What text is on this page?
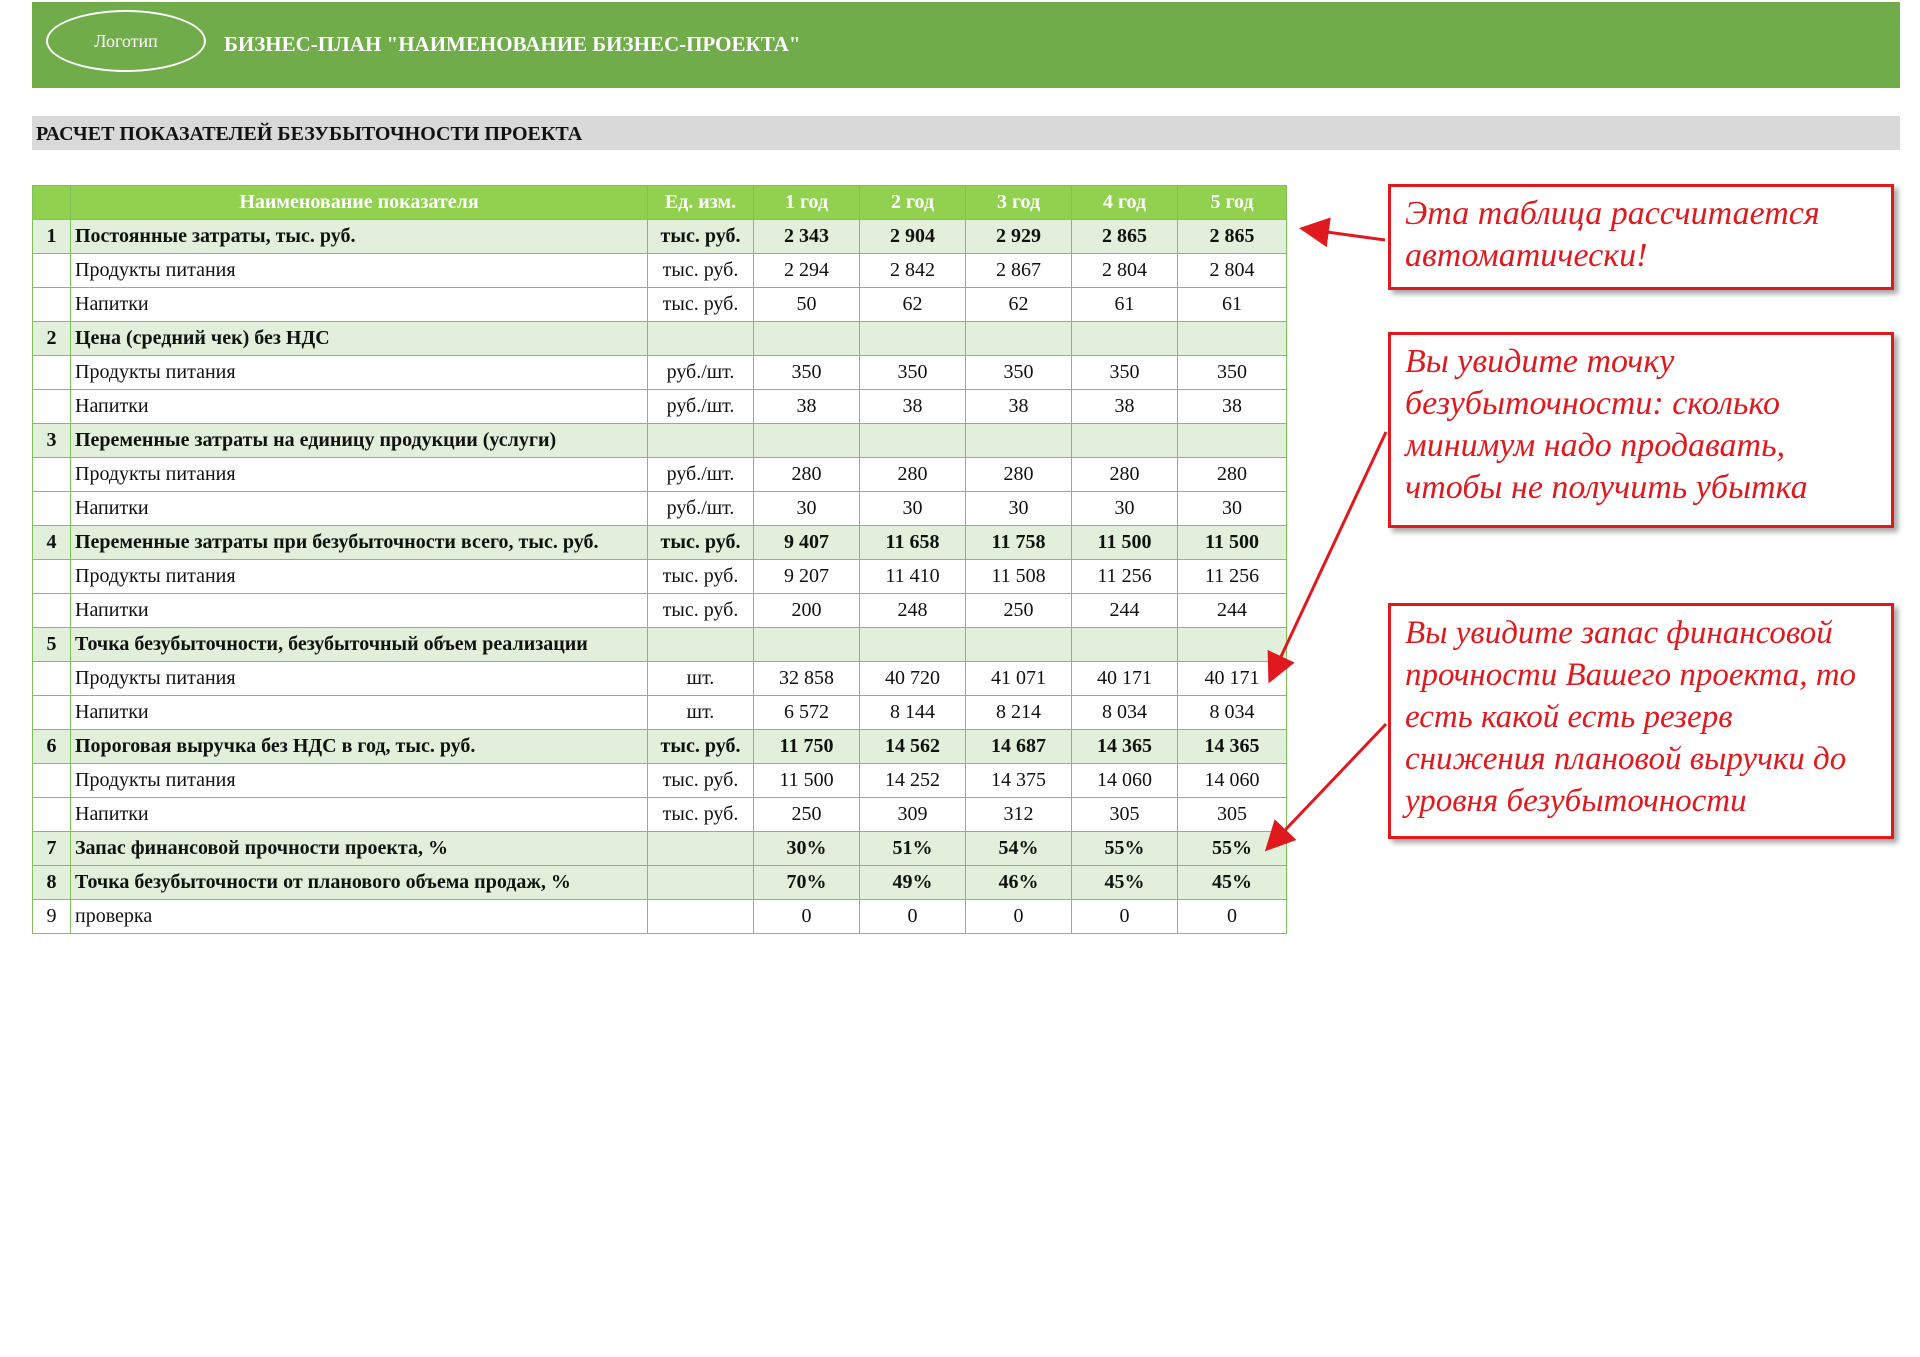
Логотип	БИЗНЕС-ПЛАН "НАИМЕНОВАНИЕ БИЗНЕС-ПРОЕКТА"
РАСЧЕТ ПОКАЗАТЕЛЕЙ БЕЗУБЫТОЧНОСТИ ПРОЕКТА
	Наименование показателя	Ед. изм.	1 год	2 год	3 год	4 год	5 год
1	Постоянные затраты, тыс. руб.	тыс. руб.	2 343	2 904	2 929	2 865	2 865
	Продукты питания	тыс. руб.	2 294	2 842	2 867	2 804	2 804
	Напитки	тыс. руб.	50	62	62	61	61
2	Цена (средний чек) без НДС						
	Продукты питания	руб./шт.	350	350	350	350	350
	Напитки	руб./шт.	38	38	38	38	38
3	Переменные затраты на единицу продукции (услуги)						
	Продукты питания	руб./шт.	280	280	280	280	280
	Напитки	руб./шт.	30	30	30	30	30
4	Переменные затраты при безубыточности всего, тыс. руб.	тыс. руб.	9 407	11 658	11 758	11 500	11 500
	Продукты питания	тыс. руб.	9 207	11 410	11 508	11 256	11 256
	Напитки	тыс. руб.	200	248	250	244	244
5	Точка безубыточности, безубыточный объем реализации						
	Продукты питания	шт.	32 858	40 720	41 071	40 171	40 171
	Напитки	шт.	6 572	8 144	8 214	8 034	8 034
6	Пороговая выручка без НДС в год, тыс. руб.	тыс. руб.	11 750	14 562	14 687	14 365	14 365
	Продукты питания	тыс. руб.	11 500	14 252	14 375	14 060	14 060
	Напитки	тыс. руб.	250	309	312	305	305
7	Запас финансовой прочности проекта, %		30%	51%	54%	55%	55%
8	Точка безубыточности от планового объема продаж, %		70%	49%	46%	45%	45%
9	проверка		0	0	0	0	0
Эта таблица рассчитается автоматически!
Вы увидите точку безубыточности: сколько минимум надо продавать, чтобы не получить убытка
Вы увидите запас финансовой прочности Вашего проекта, то есть какой есть резерв снижения плановой выручки до уровня безубыточности
